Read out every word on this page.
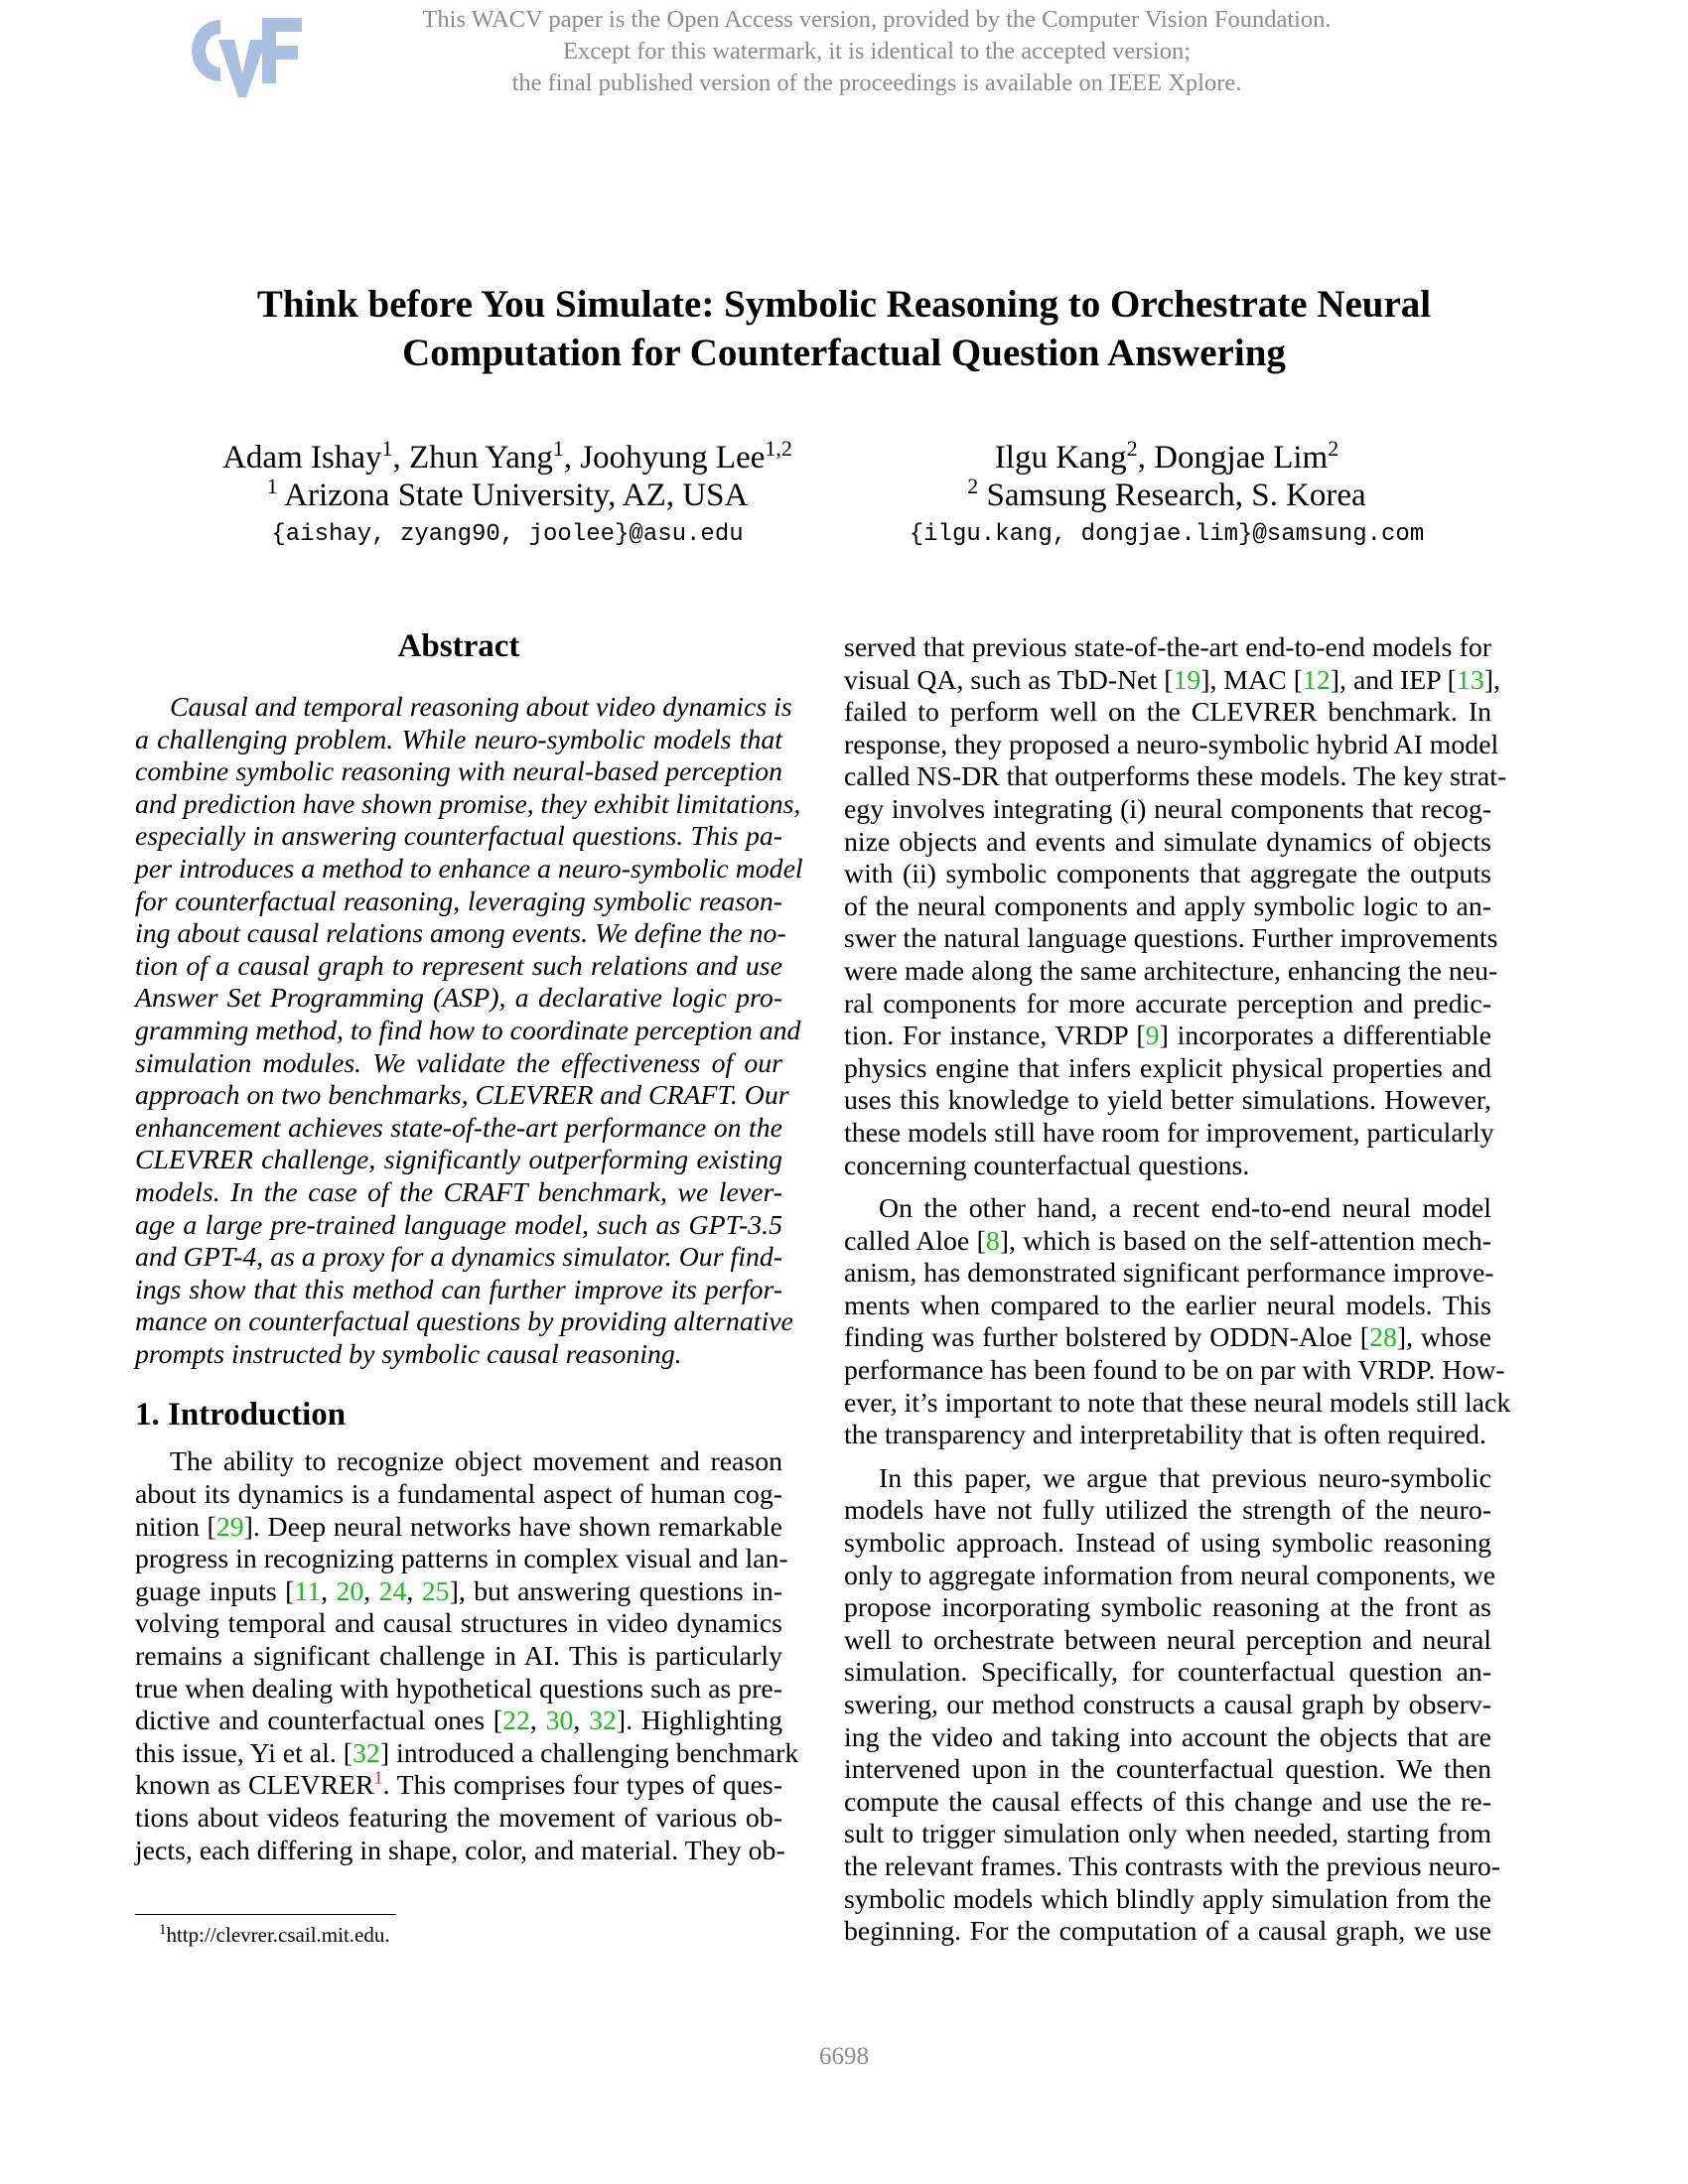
This WACV paper is the Open Access version, provided by the Computer Vision Foundation.
Except for this watermark, it is identical to the accepted version;
the final published version of the proceedings is available on IEEE Xplore.
Think before You Simulate: Symbolic Reasoning to Orchestrate Neural
Computation for Counterfactual Question Answering
Adam Ishay$^1$, Zhun Yang$^1$, Joohyung Lee$^{1,2}$
$^1$ Arizona State University, AZ, USA
{aishay, zyang90, joolee}@asu.edu
Ilgu Kang$^2$, Dongjae Lim$^2$
$^2$ Samsung Research, S. Korea
{ilgu.kang, dongjae.lim}@samsung.com
Abstract
Causal and temporal reasoning about video dynamics is
a challenging problem. While neuro-symbolic models that
combine symbolic reasoning with neural-based perception
and prediction have shown promise, they exhibit limitations,
especially in answering counterfactual questions. This pa-
per introduces a method to enhance a neuro-symbolic model
for counterfactual reasoning, leveraging symbolic reason-
ing about causal relations among events. We define the no-
tion of a causal graph to represent such relations and use
Answer Set Programming (ASP), a declarative logic pro-
gramming method, to find how to coordinate perception and
simulation modules. We validate the effectiveness of our
approach on two benchmarks, CLEVRER and CRAFT. Our
enhancement achieves state-of-the-art performance on the
CLEVRER challenge, significantly outperforming existing
models. In the case of the CRAFT benchmark, we lever-
age a large pre-trained language model, such as GPT-3.5
and GPT-4, as a proxy for a dynamics simulator. Our find-
ings show that this method can further improve its perfor-
mance on counterfactual questions by providing alternative
prompts instructed by symbolic causal reasoning.
1. Introduction
The ability to recognize object movement and reason
about its dynamics is a fundamental aspect of human cog-
nition [29]. Deep neural networks have shown remarkable
progress in recognizing patterns in complex visual and lan-
guage inputs [11, 20, 24, 25], but answering questions in-
volving temporal and causal structures in video dynamics
remains a significant challenge in AI. This is particularly
true when dealing with hypothetical questions such as pre-
dictive and counterfactual ones [22, 30, 32]. Highlighting
this issue, Yi et al. [32] introduced a challenging benchmark
known as CLEVRER$^1$. This comprises four types of ques-
tions about videos featuring the movement of various ob-
jects, each differing in shape, color, and material. They ob-
$^1$http://clevrer.csail.mit.edu.
served that previous state-of-the-art end-to-end models for
visual QA, such as TbD-Net [19], MAC [12], and IEP [13],
failed to perform well on the CLEVRER benchmark. In
response, they proposed a neuro-symbolic hybrid AI model
called NS-DR that outperforms these models. The key strat-
egy involves integrating (i) neural components that recog-
nize objects and events and simulate dynamics of objects
with (ii) symbolic components that aggregate the outputs
of the neural components and apply symbolic logic to an-
swer the natural language questions. Further improvements
were made along the same architecture, enhancing the neu-
ral components for more accurate perception and predic-
tion. For instance, VRDP [9] incorporates a differentiable
physics engine that infers explicit physical properties and
uses this knowledge to yield better simulations. However,
these models still have room for improvement, particularly
concerning counterfactual questions.
On the other hand, a recent end-to-end neural model
called Aloe [8], which is based on the self-attention mech-
anism, has demonstrated significant performance improve-
ments when compared to the earlier neural models. This
finding was further bolstered by ODDN-Aloe [28], whose
performance has been found to be on par with VRDP. How-
ever, it’s important to note that these neural models still lack
the transparency and interpretability that is often required.
In this paper, we argue that previous neuro-symbolic
models have not fully utilized the strength of the neuro-
symbolic approach. Instead of using symbolic reasoning
only to aggregate information from neural components, we
propose incorporating symbolic reasoning at the front as
well to orchestrate between neural perception and neural
simulation. Specifically, for counterfactual question an-
swering, our method constructs a causal graph by observ-
ing the video and taking into account the objects that are
intervened upon in the counterfactual question. We then
compute the causal effects of this change and use the re-
sult to trigger simulation only when needed, starting from
the relevant frames. This contrasts with the previous neuro-
symbolic models which blindly apply simulation from the
beginning. For the computation of a causal graph, we use
6698
